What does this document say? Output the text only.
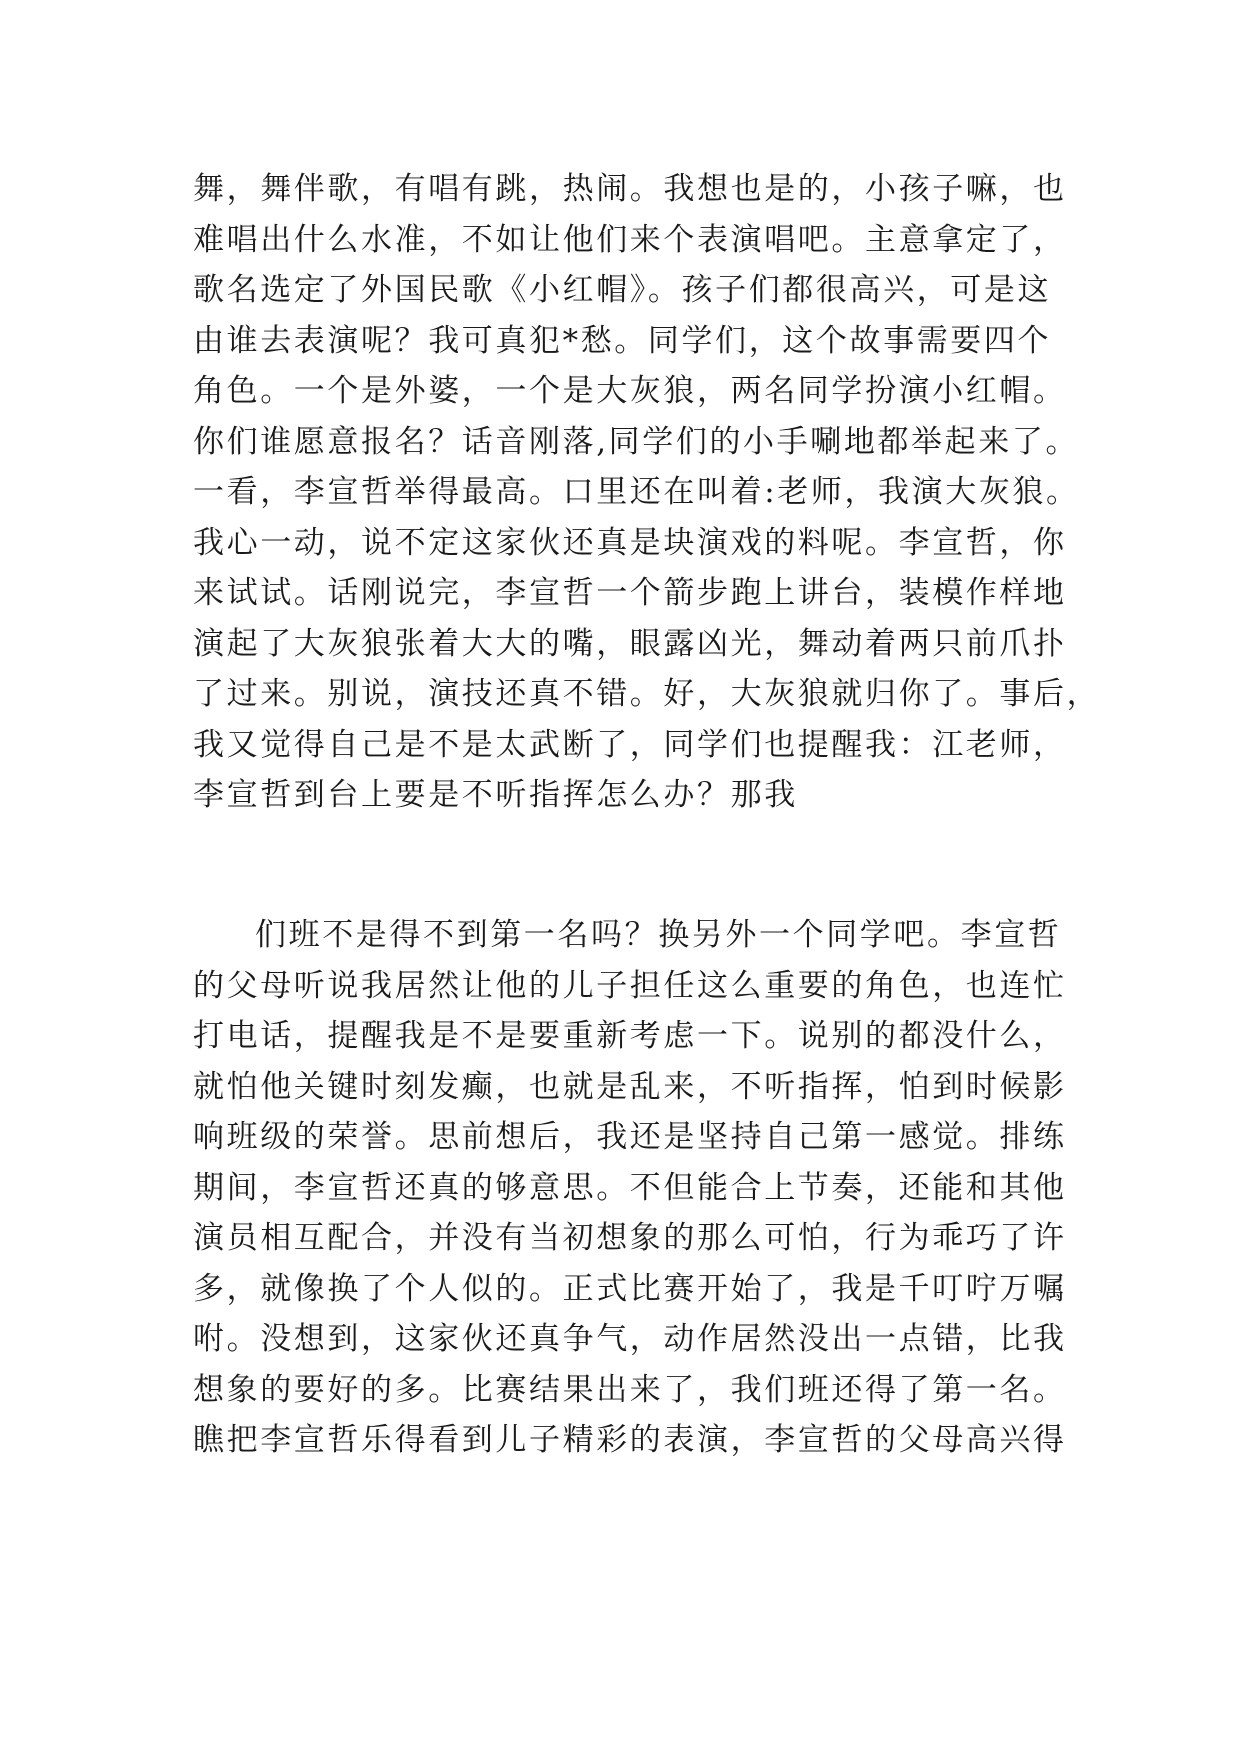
舞，舞伴歌，有唱有跳，热闹。我想也是的，小孩子嘛，也
难唱出什么水准，不如让他们来个表演唱吧。主意拿定了，
歌名选定了外国民歌《小红帽》。孩子们都很高兴，可是这
由谁去表演呢？我可真犯*愁。同学们，这个故事需要四个
角色。一个是外婆，一个是大灰狼，两名同学扮演小红帽。
你们谁愿意报名？话音刚落,同学们的小手唰地都举起来了。
一看，李宣哲举得最高。口里还在叫着:老师，我演大灰狼。
我心一动，说不定这家伙还真是块演戏的料呢。李宣哲，你
来试试。话刚说完，李宣哲一个箭步跑上讲台，装模作样地
演起了大灰狼张着大大的嘴，眼露凶光，舞动着两只前爪扑
了过来。别说，演技还真不错。好，大灰狼就归你了。事后，
我又觉得自己是不是太武断了，同学们也提醒我：江老师，
李宣哲到台上要是不听指挥怎么办？那我
们班不是得不到第一名吗？换另外一个同学吧。李宣哲
的父母听说我居然让他的儿子担任这么重要的角色，也连忙
打电话，提醒我是不是要重新考虑一下。说别的都没什么，
就怕他关键时刻发癫，也就是乱来，不听指挥，怕到时候影
响班级的荣誉。思前想后，我还是坚持自己第一感觉。排练
期间，李宣哲还真的够意思。不但能合上节奏，还能和其他
演员相互配合，并没有当初想象的那么可怕，行为乖巧了许
多，就像换了个人似的。正式比赛开始了，我是千叮咛万嘱
咐。没想到，这家伙还真争气，动作居然没出一点错，比我
想象的要好的多。比赛结果出来了，我们班还得了第一名。
瞧把李宣哲乐得看到儿子精彩的表演，李宣哲的父母高兴得
